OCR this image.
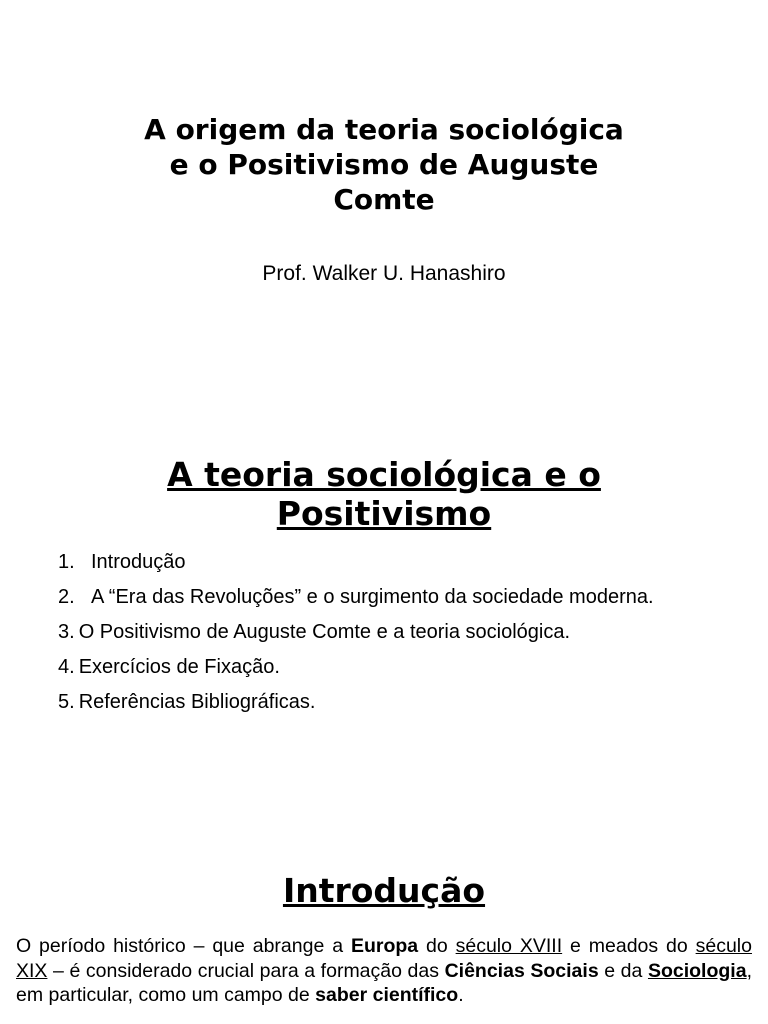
A origem da teoria sociológica
e o Positivismo de Auguste
Comte

Prof. Walker U. Hanashiro

A teoria sociológica e o
Positivismo
1. Introdução
2. A “Era das Revoluções” e o surgimento da sociedade moderna.
3. O Positivismo de Auguste Comte e a teoria sociológica.
4. Exercícios de Fixação.
5. Referências Bibliográficas.
Introdução

O período histórico – que abrange a Europa do século XVIII e meados do século XIX – é considerado crucial para a formação das Ciências Sociais e da Sociologia, em particular, como um campo de saber científico.
